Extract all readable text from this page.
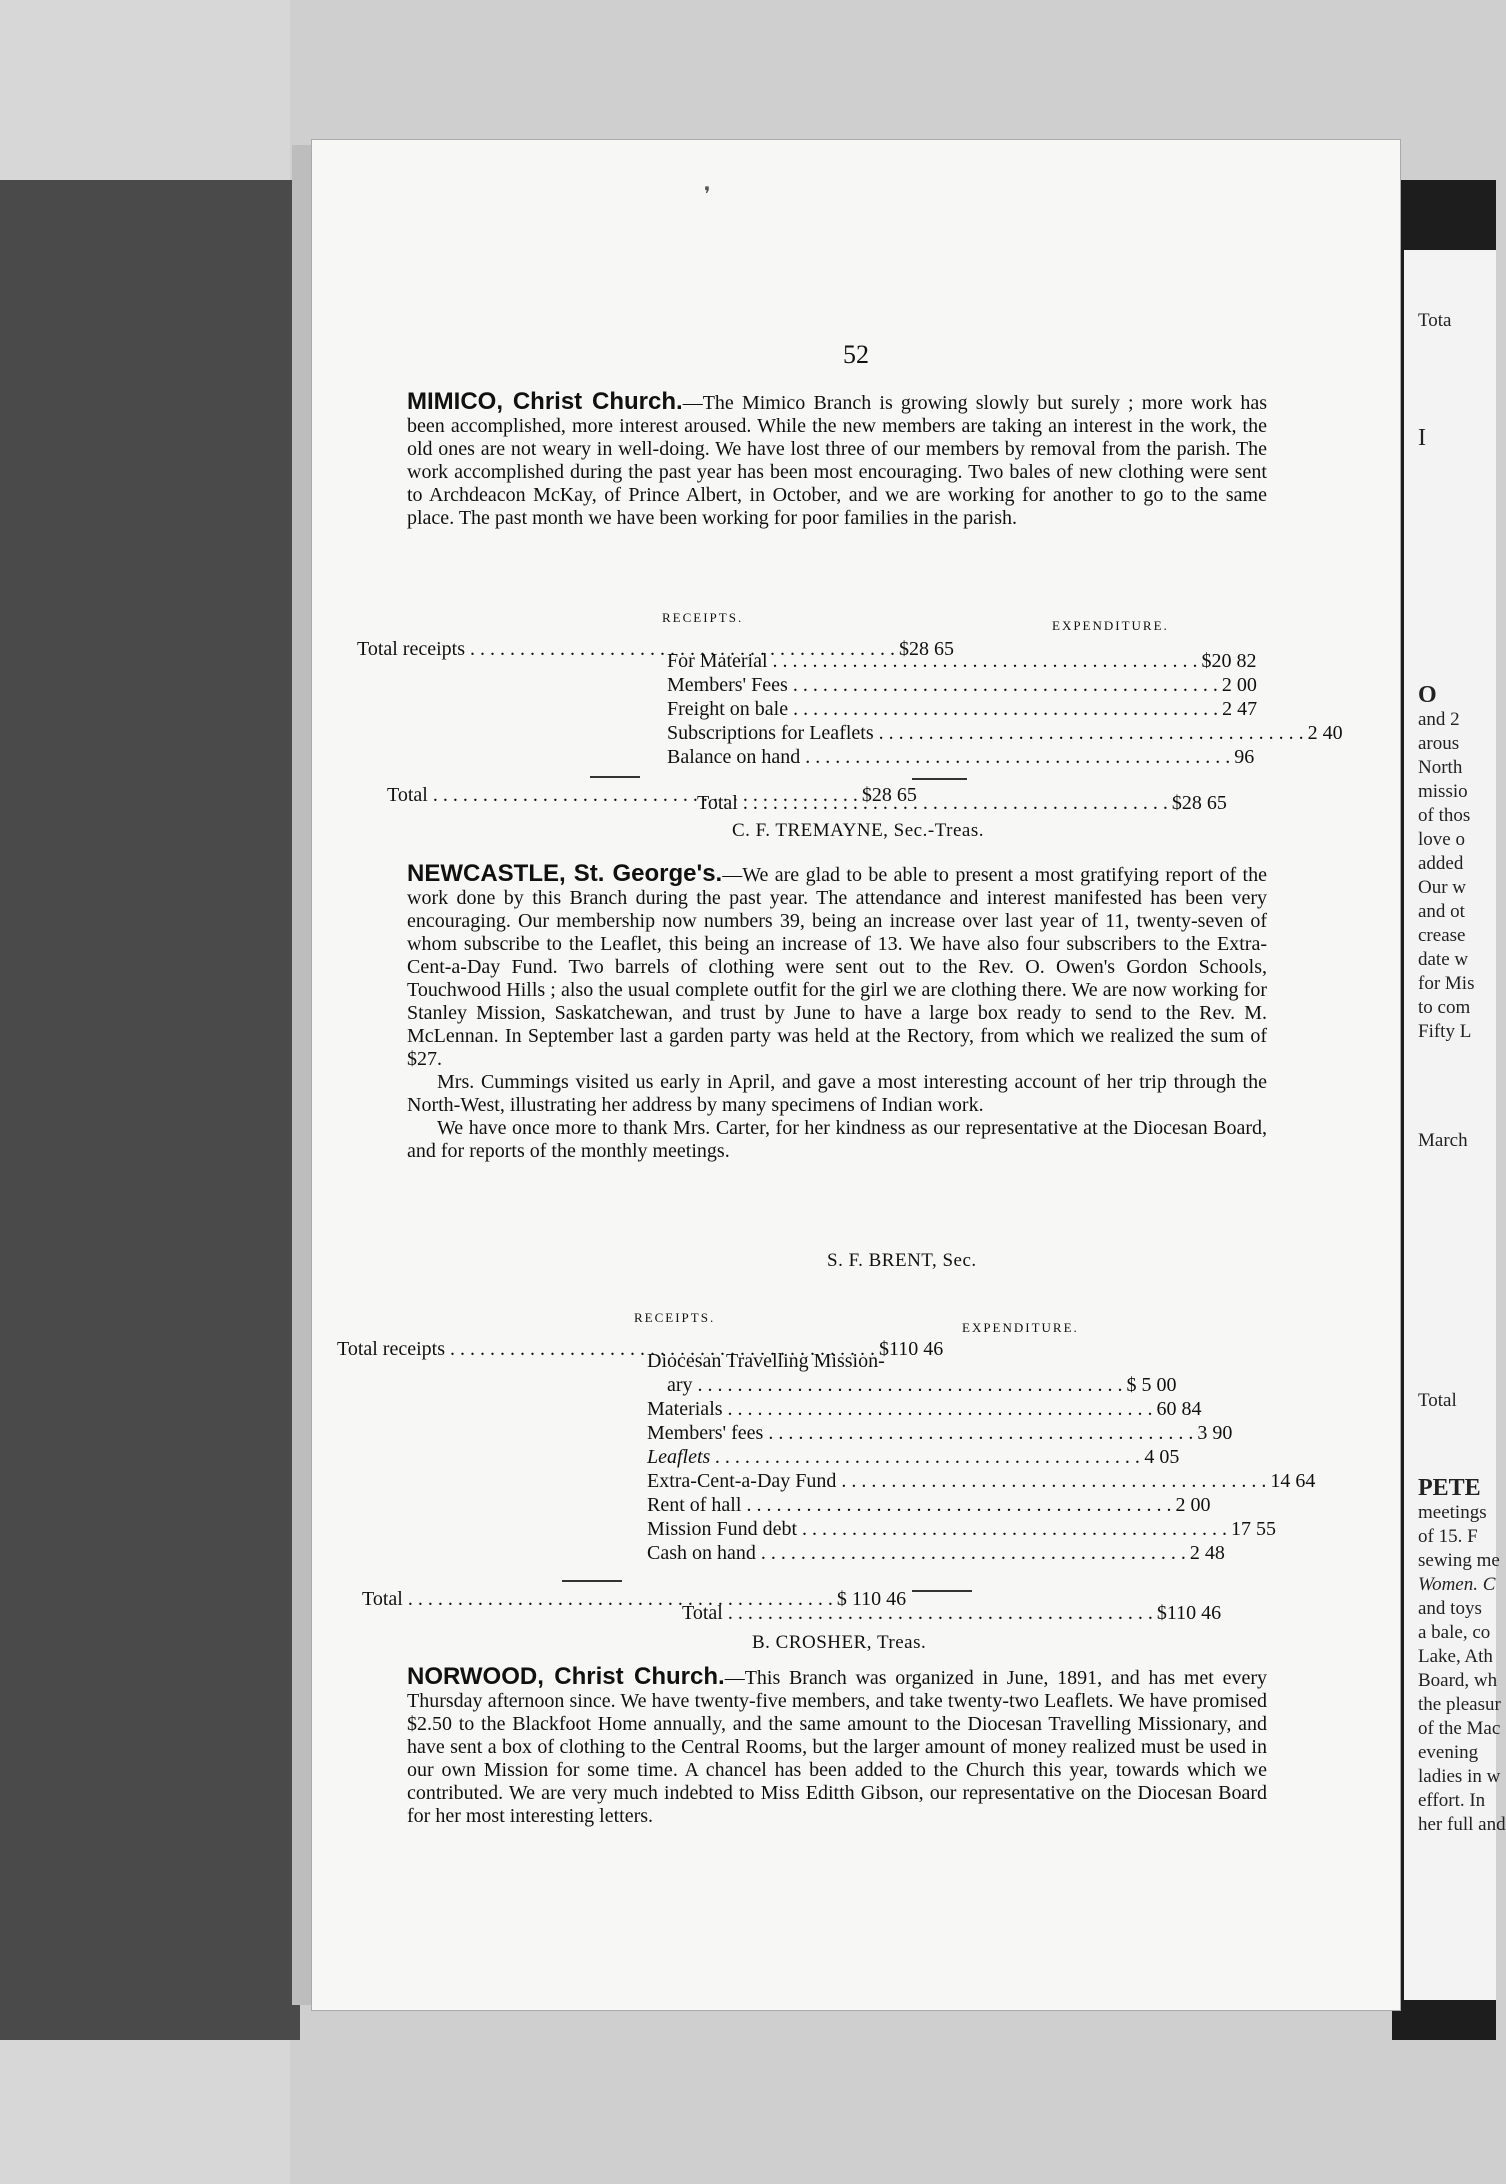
Tota
I
O
and 2
arous
North
missio
of thos
love o
added
Our w
and ot
crease
date w
for Mis
to com
Fifty L
March
Total
PETE
meetings
of 15. F
sewing me
Women. C
and toys
a bale, co
Lake, Ath
Board, wh
the pleasur
of the Mac
evening
ladies in w
effort. In
her full and
❜
52

MIMICO, Christ Church.—The Mimico Branch is growing slowly but surely ; more work has been accomplished, more interest aroused. While the new members are taking an interest in the work, the old ones are not weary in well-doing. We have lost three of our members by removal from the parish. The work accomplished during the past year has been most encouraging. Two bales of new clothing were sent to Archdeacon McKay, of Prince Albert, in October, and we are working for another to go to the same place. The past month we have been working for poor families in the parish.

RECEIPTS.
EXPENDITURE.
Total receipts . . .	$28 65
For Material . . .	$20 82
Members' Fees . . .	2 00
Freight on bale . . .	2 47
Subscriptions for Leaflets . . .	2 40
Balance on hand . . .	96
Total . . .	$28 65
Total . . .	$28 65
C. F. TREMAYNE, Sec.-Treas.

NEWCASTLE, St. George's.—We are glad to be able to present a most gratifying report of the work done by this Branch during the past year. The attendance and interest manifested has been very encouraging. Our membership now numbers 39, being an increase over last year of 11, twenty-seven of whom subscribe to the Leaflet, this being an increase of 13. We have also four subscribers to the Extra-Cent-a-Day Fund. Two barrels of clothing were sent out to the Rev. O. Owen's Gordon Schools, Touchwood Hills ; also the usual complete outfit for the girl we are clothing there. We are now working for Stanley Mission, Saskatchewan, and trust by June to have a large box ready to send to the Rev. M. McLennan. In September last a garden party was held at the Rectory, from which we realized the sum of $27.

Mrs. Cummings visited us early in April, and gave a most interesting account of her trip through the North-West, illustrating her address by many specimens of Indian work.

We have once more to thank Mrs. Carter, for her kindness as our representative at the Diocesan Board, and for reports of the monthly meetings.

S. F. BRENT, Sec.
RECEIPTS.
EXPENDITURE.
Total receipts . . .	$110 46
Diocesan Travelling Mission-
ary . . .	$ 5 00
Materials . . .	60 84
Members' fees . . .	3 90
Leaflets . . .	4 05
Extra-Cent-a-Day Fund . . .	14 64
Rent of hall . . .	2 00
Mission Fund debt . . .	17 55
Cash on hand . . .	2 48
Total . . .	$ 110 46
Total . . .	$110 46
B. CROSHER, Treas.

NORWOOD, Christ Church.—This Branch was organized in June, 1891, and has met every Thursday afternoon since. We have twenty-five members, and take twenty-two Leaflets. We have promised $2.50 to the Blackfoot Home annually, and the same amount to the Diocesan Travelling Missionary, and have sent a box of clothing to the Central Rooms, but the larger amount of money realized must be used in our own Mission for some time. A chancel has been added to the Church this year, towards which we contributed. We are very much indebted to Miss Editth Gibson, our representative on the Diocesan Board for her most interesting letters.
